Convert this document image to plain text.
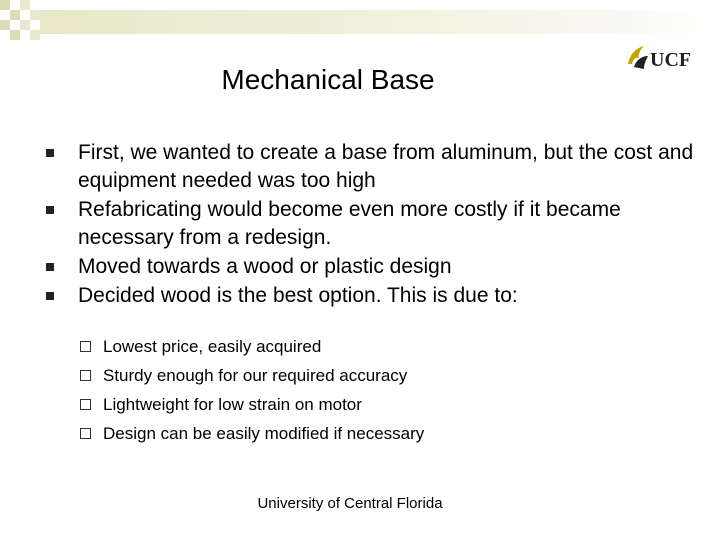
UCF
Mechanical Base
First, we wanted to create a base from aluminum, but the cost and equipment needed was too high
Refabricating would become even more costly if it became necessary from a redesign.
Moved towards a wood or plastic design
Decided wood is the best option. This is due to:
Lowest price, easily acquired
Sturdy enough for our required accuracy
Lightweight for low strain on motor
Design can be easily modified if necessary
University of Central Florida
